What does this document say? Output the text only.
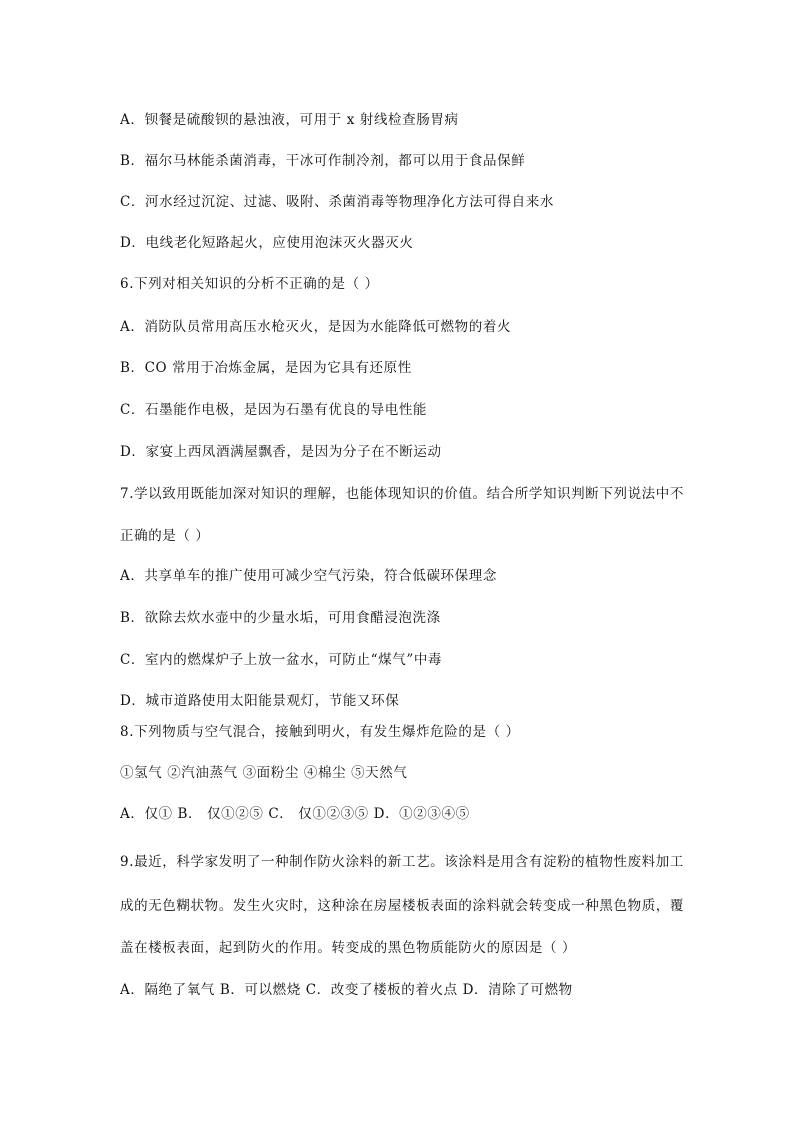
A．钡餐是硫酸钡的悬浊液，可用于 x 射线检查肠胃病
B．福尔马林能杀菌消毒，干冰可作制冷剂，都可以用于食品保鲜
C．河水经过沉淀、过滤、吸附、杀菌消毒等物理净化方法可得自来水
D．电线老化短路起火，应使用泡沫灭火器灭火
6.下列对相关知识的分析不正确的是（ ）
A．消防队员常用高压水枪灭火，是因为水能降低可燃物的着火
B．CO 常用于冶炼金属，是因为它具有还原性
C．石墨能作电极，是因为石墨有优良的导电性能
D．家宴上西凤酒满屋飘香，是因为分子在不断运动
7.学以致用既能加深对知识的理解，也能体现知识的价值。结合所学知识判断下列说法中不
正确的是（ ）
A．共享单车的推广使用可减少空气污染，符合低碳环保理念
B．欲除去炊水壶中的少量水垢，可用食醋浸泡洗涤
C．室内的燃煤炉子上放一盆水，可防止“煤气”中毒
D．城市道路使用太阳能景观灯，节能又环保
8.下列物质与空气混合，接触到明火，有发生爆炸危险的是（ ）
①氢气 ②汽油蒸气 ③面粉尘 ④棉尘 ⑤天然气
A．仅① B． 仅①②⑤ C． 仅①②③⑤ D．①②③④⑤
9.最近，科学家发明了一种制作防火涂料的新工艺。该涂料是用含有淀粉的植物性废料加工
成的无色糊状物。发生火灾时，这种涂在房屋楼板表面的涂料就会转变成一种黑色物质，覆
盖在楼板表面，起到防火的作用。转变成的黑色物质能防火的原因是（ ）
A．隔绝了氧气 B．可以燃烧 C．改变了楼板的着火点 D．清除了可燃物
